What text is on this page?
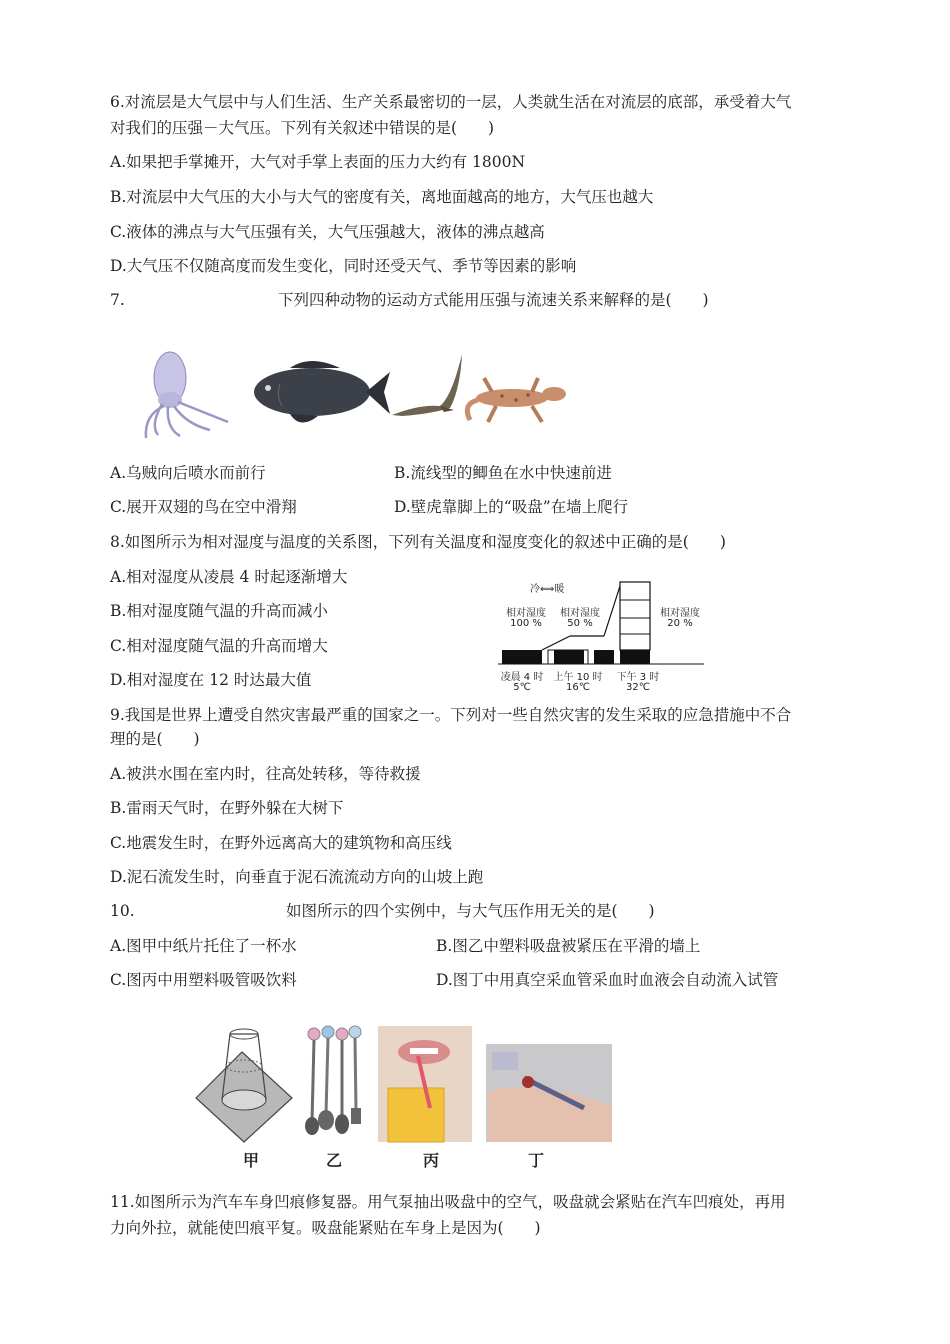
6.对流层是大气层中与人们生活、生产关系最密切的一层，人类就生活在对流层的底部，承受着大气
对我们的压强－大气压。下列有关叙述中错误的是(　　)
A.如果把手掌摊开，大气对手掌上表面的压力大约有 1800N
B.对流层中大气压的大小与大气的密度有关，离地面越高的地方，大气压也越大
C.液体的沸点与大气压强有关，大气压强越大，液体的沸点越高
D.大气压不仅随高度而发生变化，同时还受天气、季节等因素的影响
7.	下列四种动物的运动方式能用压强与流速关系来解释的是(　　)
A.乌贼向后喷水而前行	B.流线型的鲫鱼在水中快速前进
C.展开双翅的鸟在空中滑翔	D.壁虎靠脚上的“吸盘”在墙上爬行
8.如图所示为相对湿度与温度的关系图，下列有关温度和湿度变化的叙述中正确的是(　　)
A.相对湿度从凌晨 4 时起逐渐增大
B.相对湿度随气温的升高而减小
C.相对湿度随气温的升高而增大
D.相对湿度在 12 时达最大值
冷⟺暖
相对湿度
100 %
相对湿度
50 %
相对湿度
20 %
凌晨 4 时
5℃
上午 10 时
16℃
下午 3 时
32℃
9.我国是世界上遭受自然灾害最严重的国家之一。下列对一些自然灾害的发生采取的应急措施中不合
理的是(　　)
A.被洪水围在室内时，往高处转移，等待救援
B.雷雨天气时，在野外躲在大树下
C.地震发生时，在野外远离高大的建筑物和高压线
D.泥石流发生时，向垂直于泥石流流动方向的山坡上跑
10.	如图所示的四个实例中，与大气压作用无关的是(　　)
A.图甲中纸片托住了一杯水	B.图乙中塑料吸盘被紧压在平滑的墙上
C.图丙中用塑料吸管吸饮料	D.图丁中用真空采血管采血时血液会自动流入试管
甲	乙	丙	丁
11.如图所示为汽车车身凹痕修复器。用气泵抽出吸盘中的空气，吸盘就会紧贴在汽车凹痕处，再用
力向外拉，就能使凹痕平复。吸盘能紧贴在车身上是因为(　　)
